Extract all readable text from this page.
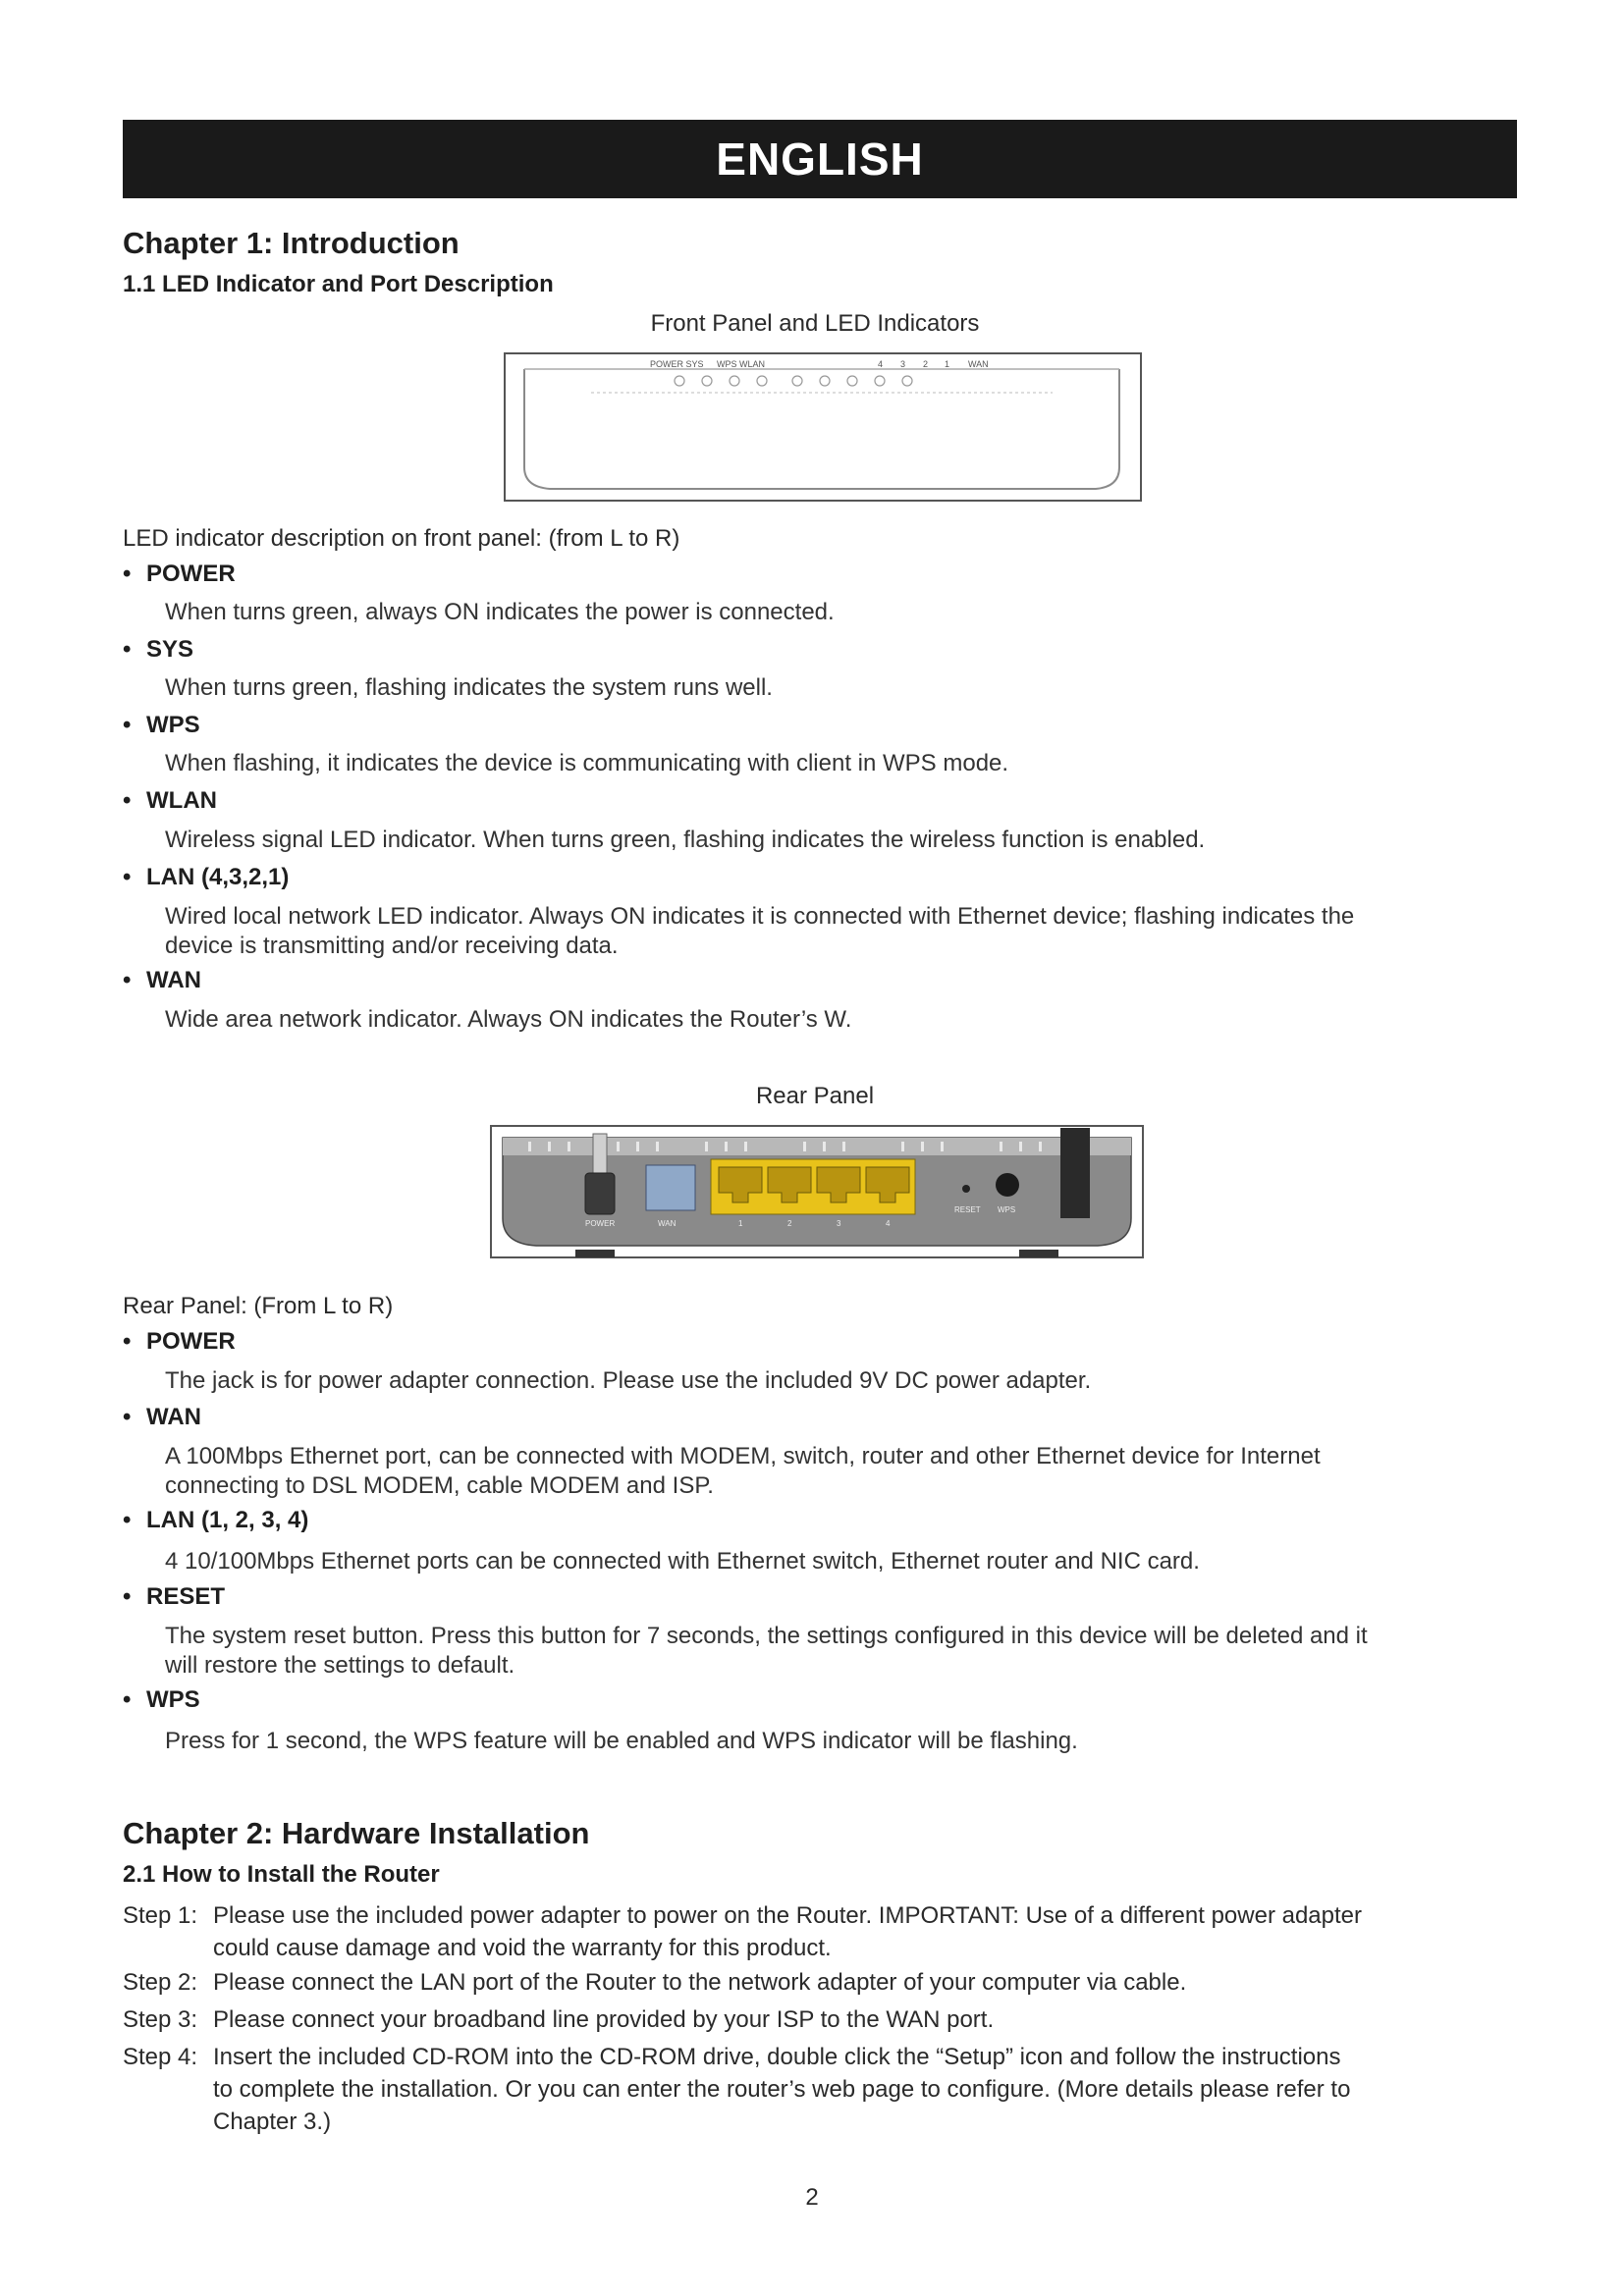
ENGLISH
Chapter 1: Introduction
1.1 LED Indicator and Port Description
Front Panel and LED Indicators
POWER SYS WPS WLAN	4 3 2 1 WAN
LED indicator description on front panel: (from L to R)
• POWER
When turns green, always ON indicates the power is connected.
• SYS
When turns green, flashing indicates the system runs well.
• WPS
When flashing, it indicates the device is communicating with client in WPS mode.
• WLAN
Wireless signal LED indicator. When turns green, flashing indicates the wireless function is enabled.
• LAN (4,3,2,1)
Wired local network LED indicator. Always ON indicates it is connected with Ethernet device; flashing indicates the
device is transmitting and/or receiving data.
• WAN
Wide area network indicator. Always ON indicates the Router’s W.
Rear Panel
POWER	WAN	1	2	3	4
RESET WPS
Rear Panel: (From L to R)
• POWER
The jack is for power adapter connection. Please use the included 9V DC power adapter.
• WAN
A 100Mbps Ethernet port, can be connected with MODEM, switch, router and other Ethernet device for Internet
connecting to DSL MODEM, cable MODEM and ISP.
• LAN (1, 2, 3, 4)
4 10/100Mbps Ethernet ports can be connected with Ethernet switch, Ethernet router and NIC card.
• RESET
The system reset button. Press this button for 7 seconds, the settings configured in this device will be deleted and it
will restore the settings to default.
• WPS
Press for 1 second, the WPS feature will be enabled and WPS indicator will be flashing.
Chapter 2: Hardware Installation
2.1 How to Install the Router
Step 1: Please use the included power adapter to power on the Router. IMPORTANT: Use of a different power adapter
could cause damage and void the warranty for this product.
Step 2: Please connect the LAN port of the Router to the network adapter of your computer via cable.
Step 3: Please connect your broadband line provided by your ISP to the WAN port.
Step 4: Insert the included CD-ROM into the CD-ROM drive, double click the “Setup” icon and follow the instructions
to complete the installation. Or you can enter the router’s web page to configure. (More details please refer to
Chapter 3.)
2
